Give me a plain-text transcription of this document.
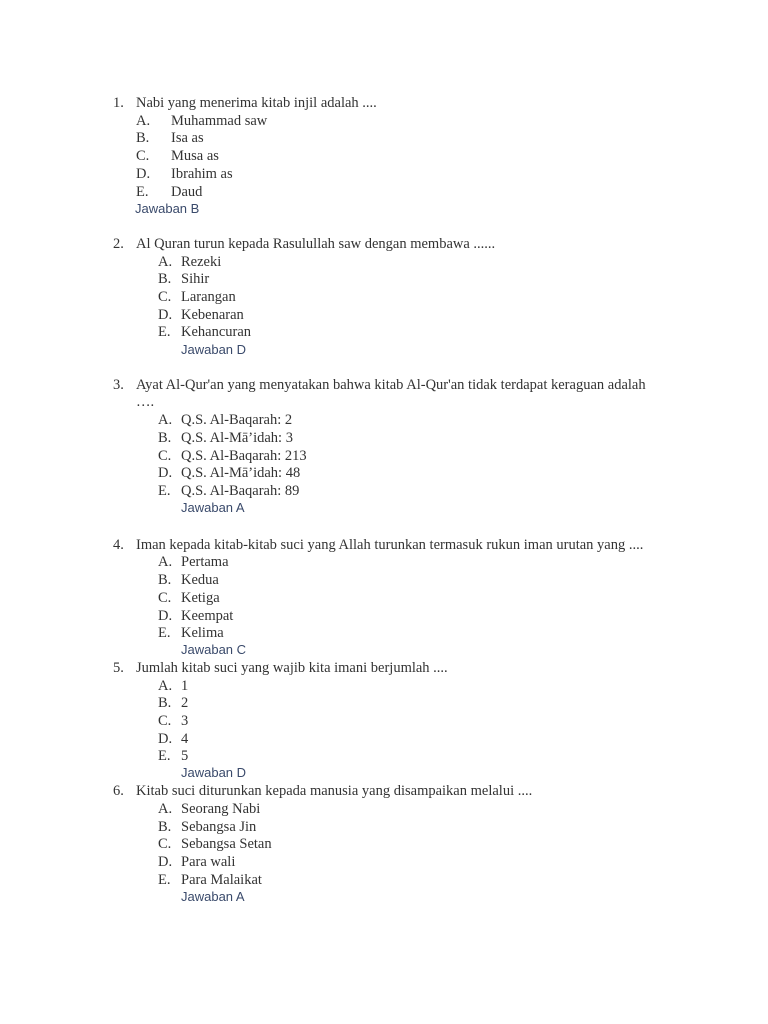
1. Nabi yang menerima kitab injil adalah ....
A. Muhammad saw
B. Isa as
C. Musa as
D. Ibrahim as
E. Daud
Jawaban B
2. Al Quran turun kepada Rasulullah saw dengan membawa ......
A. Rezeki
B. Sihir
C. Larangan
D. Kebenaran
E. Kehancuran
Jawaban D
3. Ayat Al-Qur'an yang menyatakan bahwa kitab Al-Qur'an tidak terdapat keraguan adalah
….
A. Q.S. Al-Baqarah: 2
B. Q.S. Al-Mā’idah: 3
C. Q.S. Al-Baqarah: 213
D. Q.S. Al-Mā’idah: 48
E. Q.S. Al-Baqarah: 89
Jawaban A
4. Iman kepada kitab-kitab suci yang Allah turunkan termasuk rukun iman urutan yang ....
A. Pertama
B. Kedua
C. Ketiga
D. Keempat
E. Kelima
Jawaban C
5. Jumlah kitab suci yang wajib kita imani berjumlah ....
A. 1
B. 2
C. 3
D. 4
E. 5
Jawaban D
6. Kitab suci diturunkan kepada manusia yang disampaikan melalui ....
A. Seorang Nabi
B. Sebangsa Jin
C. Sebangsa Setan
D. Para wali
E. Para Malaikat
Jawaban A
